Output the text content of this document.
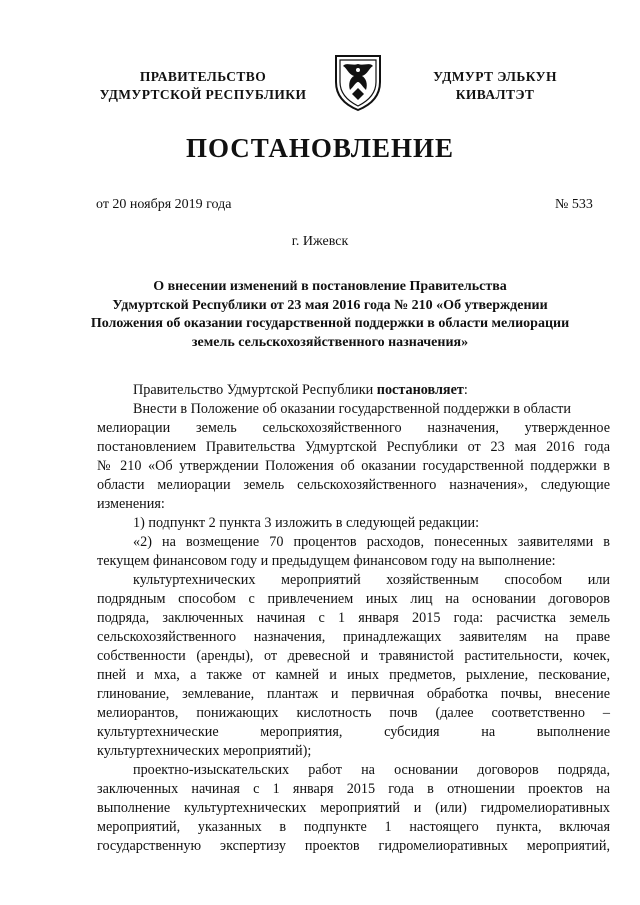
ПРАВИТЕЛЬСТВО
УДМУРТСКОЙ РЕСПУБЛИКИ
УДМУРТ ЭЛЬКУН
КИВАЛТЭТ
ПОСТАНОВЛЕНИЕ
от 20 ноября 2019 года	№ 533
г. Ижевск
О внесении изменений в постановление Правительства
Удмуртской Республики от 23 мая 2016 года № 210 «Об утверждении
Положения об оказании государственной поддержки в области мелиорации
земель сельскохозяйственного назначения»
Правительство Удмуртской Республики постановляет:
Внести в Положение об оказании государственной поддержки в области
мелиорации земель сельскохозяйственного назначения, утвержденное
постановлением Правительства Удмуртской Республики от 23 мая 2016 года
№ 210 «Об утверждении Положения об оказании государственной поддержки в
области мелиорации земель сельскохозяйственного назначения», следующие
изменения:
1) подпункт 2 пункта 3 изложить в следующей редакции:
«2) на возмещение 70 процентов расходов, понесенных заявителями в
текущем финансовом году и предыдущем финансовом году на выполнение:
культуртехнических мероприятий хозяйственным способом или
подрядным способом с привлечением иных лиц на основании договоров
подряда, заключенных начиная с 1 января 2015 года: расчистка земель
сельскохозяйственного назначения, принадлежащих заявителям на праве
собственности (аренды), от древесной и травянистой растительности, кочек,
пней и мха, а также от камней и иных предметов, рыхление, пескование,
глинование, землевание, плантаж и первичная обработка почвы, внесение
мелиорантов, понижающих кислотность почв (далее соответственно –
культуртехнические мероприятия, субсидия на выполнение
культуртехнических мероприятий);
проектно-изыскательских работ на основании договоров подряда,
заключенных начиная с 1 января 2015 года в отношении проектов на
выполнение культуртехнических мероприятий и (или) гидромелиоративных
мероприятий, указанных в подпункте 1 настоящего пункта, включая
государственную экспертизу проектов гидромелиоративных мероприятий,
